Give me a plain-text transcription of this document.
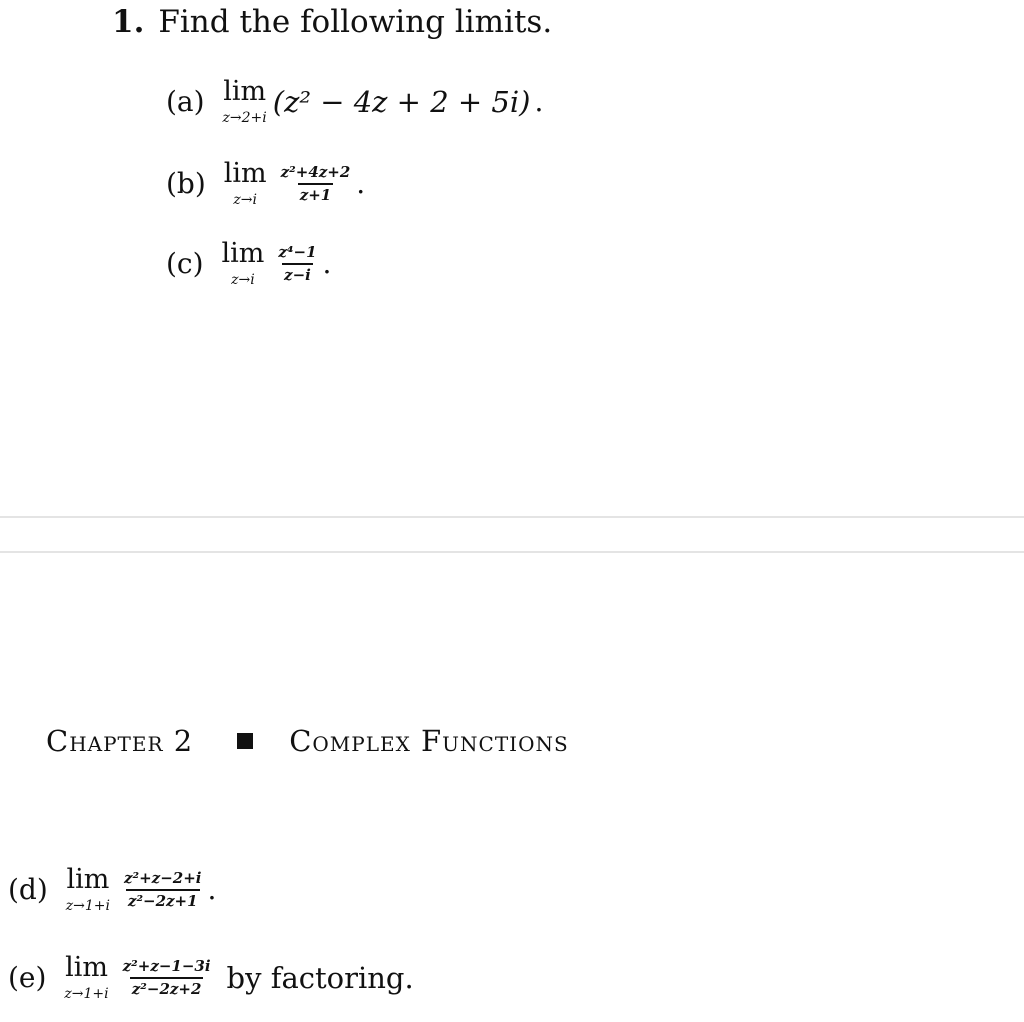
1. Find the following limits.
(a) lim
z→2+i (z² − 4z + 2 + 5i) .
(b) lim
$z\to i \frac{\text{z²+4z+2}}{z+1}$ .
(c) lim
$z\to i \frac{\text{z⁴−1}}{z-i}$ .
Chapter 2	Complex Functions
(d) lim
$z\to 1+i \frac{\text{z²+z−2+i}}{\text{z²−2z+1}}$ .
(e) lim
$z\to 1+i \frac{\text{z²+z−1−3i}}{\text{z²−2z+2}}$ by factoring.
